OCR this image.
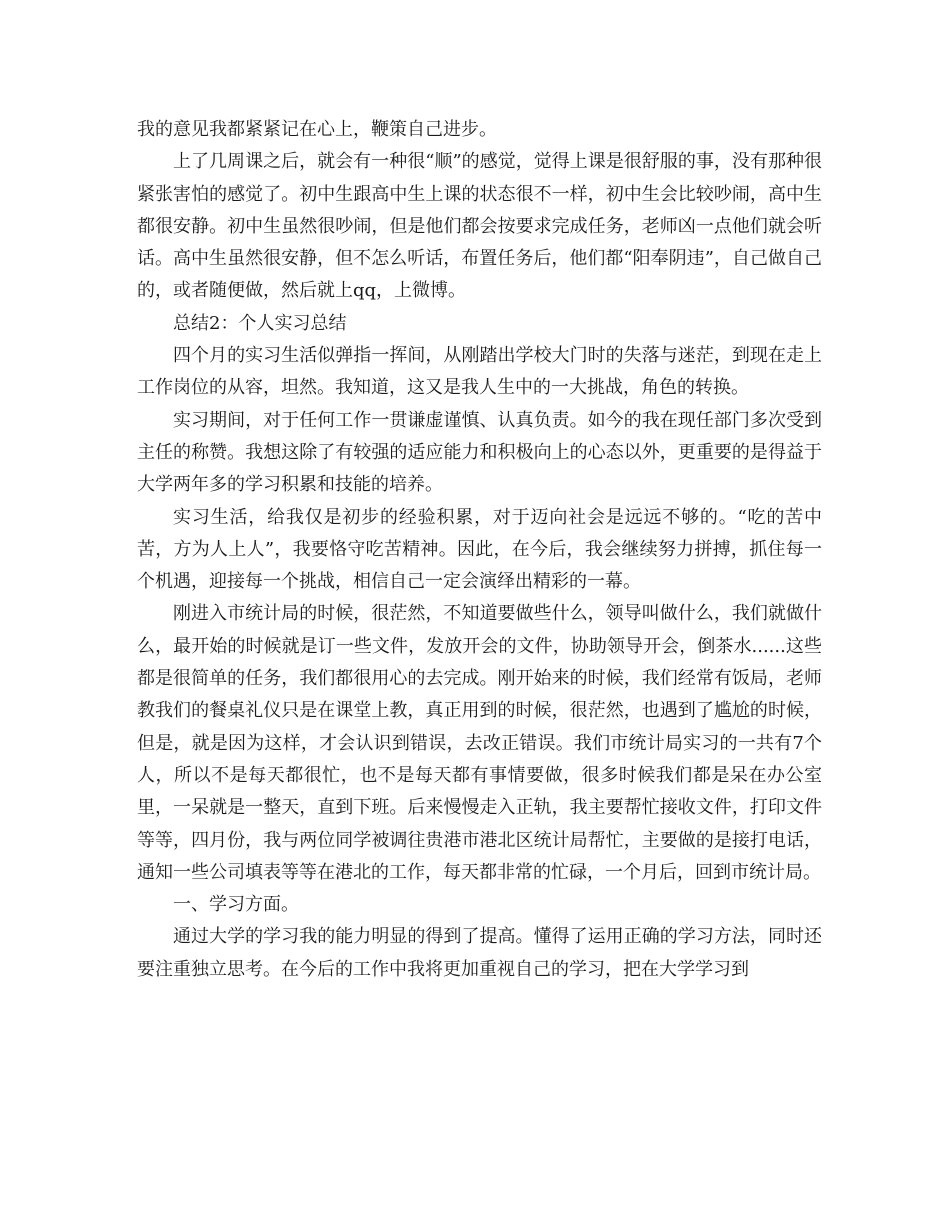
我的意见我都紧紧记在心上，鞭策自己进步。

上了几周课之后，就会有一种很“顺”的感觉，觉得上课是很舒服的事，没有那种很紧张害怕的感觉了。初中生跟高中生上课的状态很不一样，初中生会比较吵闹，高中生都很安静。初中生虽然很吵闹，但是他们都会按要求完成任务，老师凶一点他们就会听话。高中生虽然很安静，但不怎么听话，布置任务后，他们都“阳奉阴违”，自己做自己的，或者随便做，然后就上qq，上微博。

总结2：个人实习总结

四个月的实习生活似弹指一挥间，从刚踏出学校大门时的失落与迷茫，到现在走上工作岗位的从容，坦然。我知道，这又是我人生中的一大挑战，角色的转换。

实习期间，对于任何工作一贯谦虚谨慎、认真负责。如今的我在现任部门多次受到主任的称赞。我想这除了有较强的适应能力和积极向上的心态以外，更重要的是得益于大学两年多的学习积累和技能的培养。

实习生活，给我仅是初步的经验积累，对于迈向社会是远远不够的。“吃的苦中苦，方为人上人”，我要恪守吃苦精神。因此，在今后，我会继续努力拼搏，抓住每一个机遇，迎接每一个挑战，相信自己一定会演绎出精彩的一幕。

刚进入市统计局的时候，很茫然，不知道要做些什么，领导叫做什么，我们就做什么，最开始的时候就是订一些文件，发放开会的文件，协助领导开会，倒茶水......这些都是很简单的任务，我们都很用心的去完成。刚开始来的时候，我们经常有饭局，老师教我们的餐桌礼仪只是在课堂上教，真正用到的时候，很茫然，也遇到了尴尬的时候，但是，就是因为这样，才会认识到错误，去改正错误。我们市统计局实习的一共有7个人，所以不是每天都很忙，也不是每天都有事情要做，很多时候我们都是呆在办公室里，一呆就是一整天，直到下班。后来慢慢走入正轨，我主要帮忙接收文件，打印文件等等，四月份，我与两位同学被调往贵港市港北区统计局帮忙，主要做的是接打电话，通知一些公司填表等等在港北的工作，每天都非常的忙碌，一个月后，回到市统计局。

一、学习方面。

通过大学的学习我的能力明显的得到了提高。懂得了运用正确的学习方法，同时还要注重独立思考。在今后的工作中我将更加重视自己的学习，把在大学学习到
